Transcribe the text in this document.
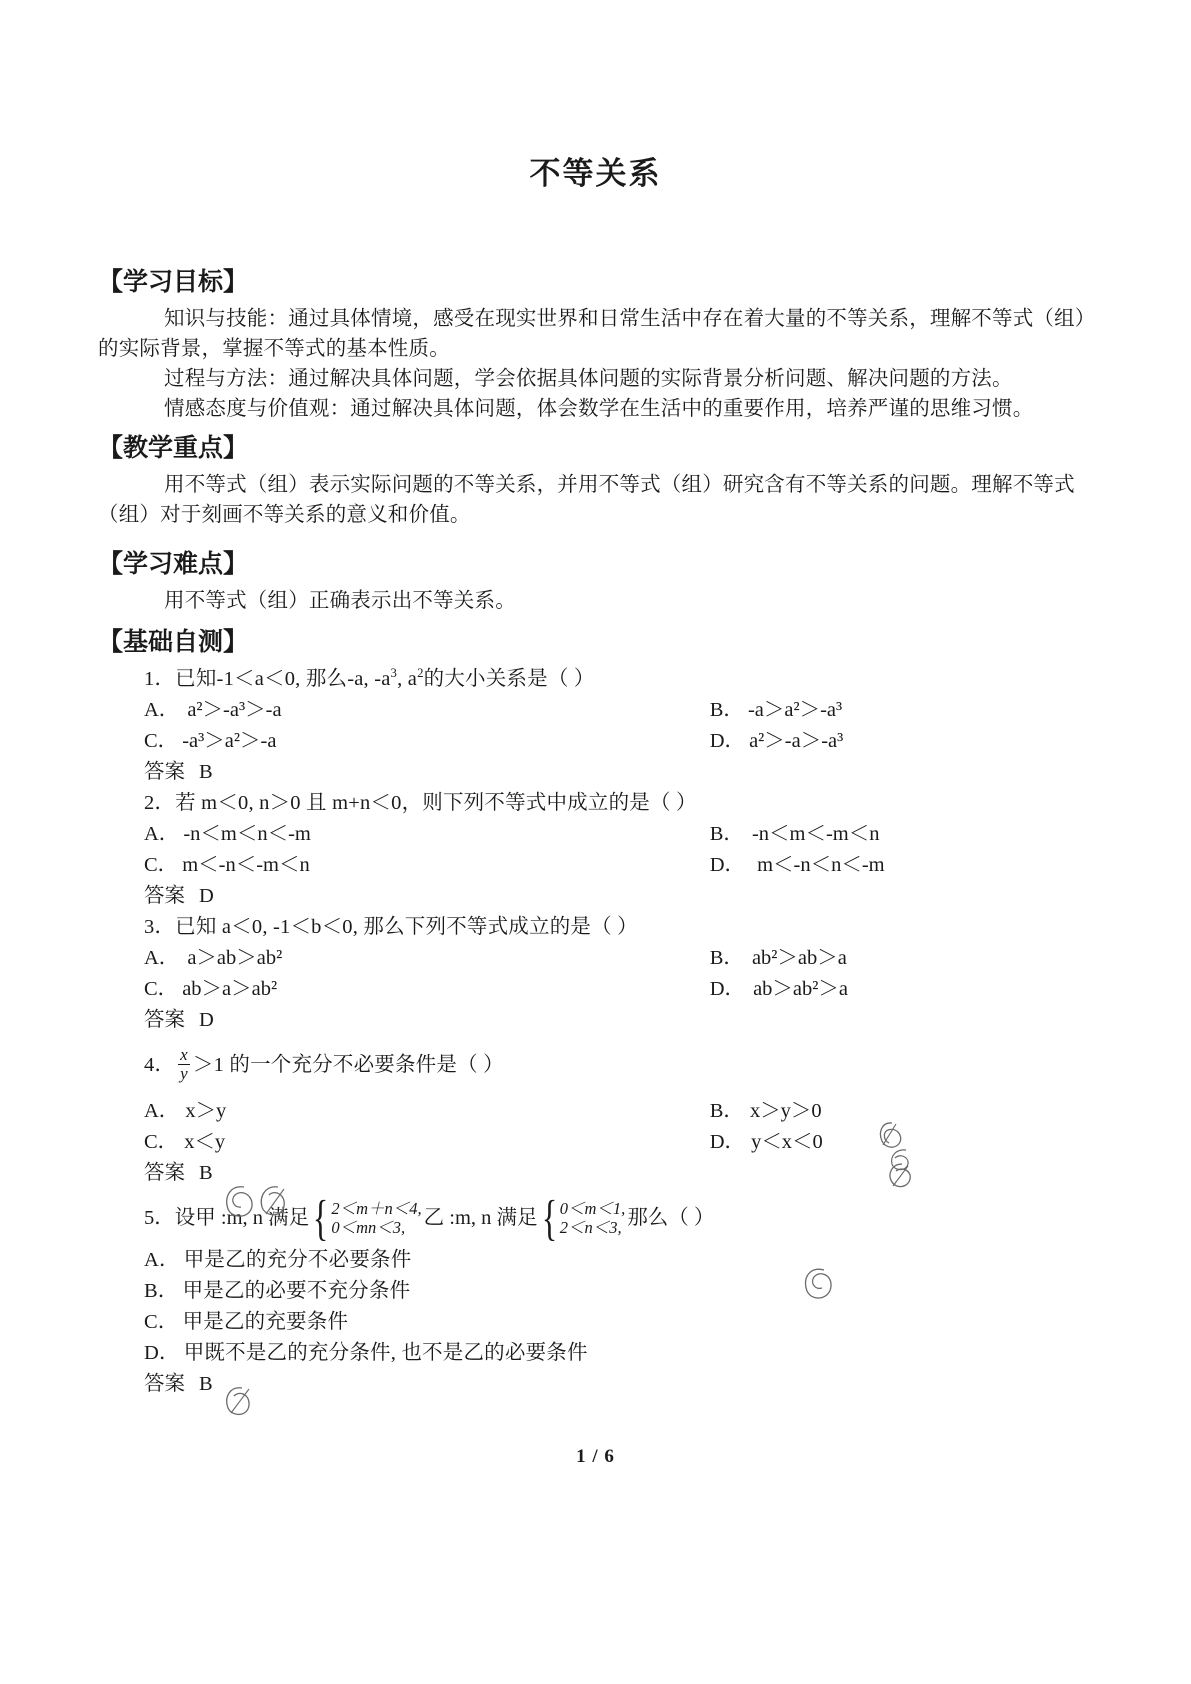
不等关系
【学习目标】

知识与技能：通过具体情境，感受在现实世界和日常生活中存在着大量的不等关系，理解不等式（组）的实际背景，掌握不等式的基本性质。

过程与方法：通过解决具体问题，学会依据具体问题的实际背景分析问题、解决问题的方法。

情感态度与价值观：通过解决具体问题，体会数学在生活中的重要作用，培养严谨的思维习惯。

【教学重点】

用不等式（组）表示实际问题的不等关系，并用不等式（组）研究含有不等关系的问题。理解不等式（组）对于刻画不等关系的意义和价值。

【学习难点】

用不等式（组）正确表示出不等关系。

【基础自测】
1．已知-1＜a＜0, 那么-a, $-a^3$, $a^2$的大小关系是（ ）
A． a²＞-a³＞-a	B． -a＞a²＞-a³
C． -a³＞a²＞-a	D． a²＞-a＞-a³
答案 B
2．若 m＜0, n＞0 且 m+n＜0，则下列不等式中成立的是（ ）
A． -n＜m＜n＜-m	B． -n＜m＜-m＜n
C． m＜-n＜-m＜n	D． m＜-n＜n＜-m
答案 D
3．已知 a＜0, -1＜b＜0, 那么下列不等式成立的是（ ）
A． a＞ab＞ab²	B． ab²＞ab＞a
C． ab＞a＞ab²	D． ab＞ab²＞a
答案 D
4． $\frac{x}{y} >1$ 的一个充分不必要条件是（ ）
A． x＞y	B． x＞y＞0
C． x＜y	D． y＜x＜0
答案 B
5． 设甲 :m, n 满足 { 2＜m＋n＜4,
0＜mn＜3, 乙 :m, n 满足 { 0＜m＜1,
2＜n＜3, 那么（ ）
A． 甲是乙的充分不必要条件
B． 甲是乙的必要不充分条件
C． 甲是乙的充要条件
D． 甲既不是乙的充分条件, 也不是乙的必要条件
答案 B
1 / 6
